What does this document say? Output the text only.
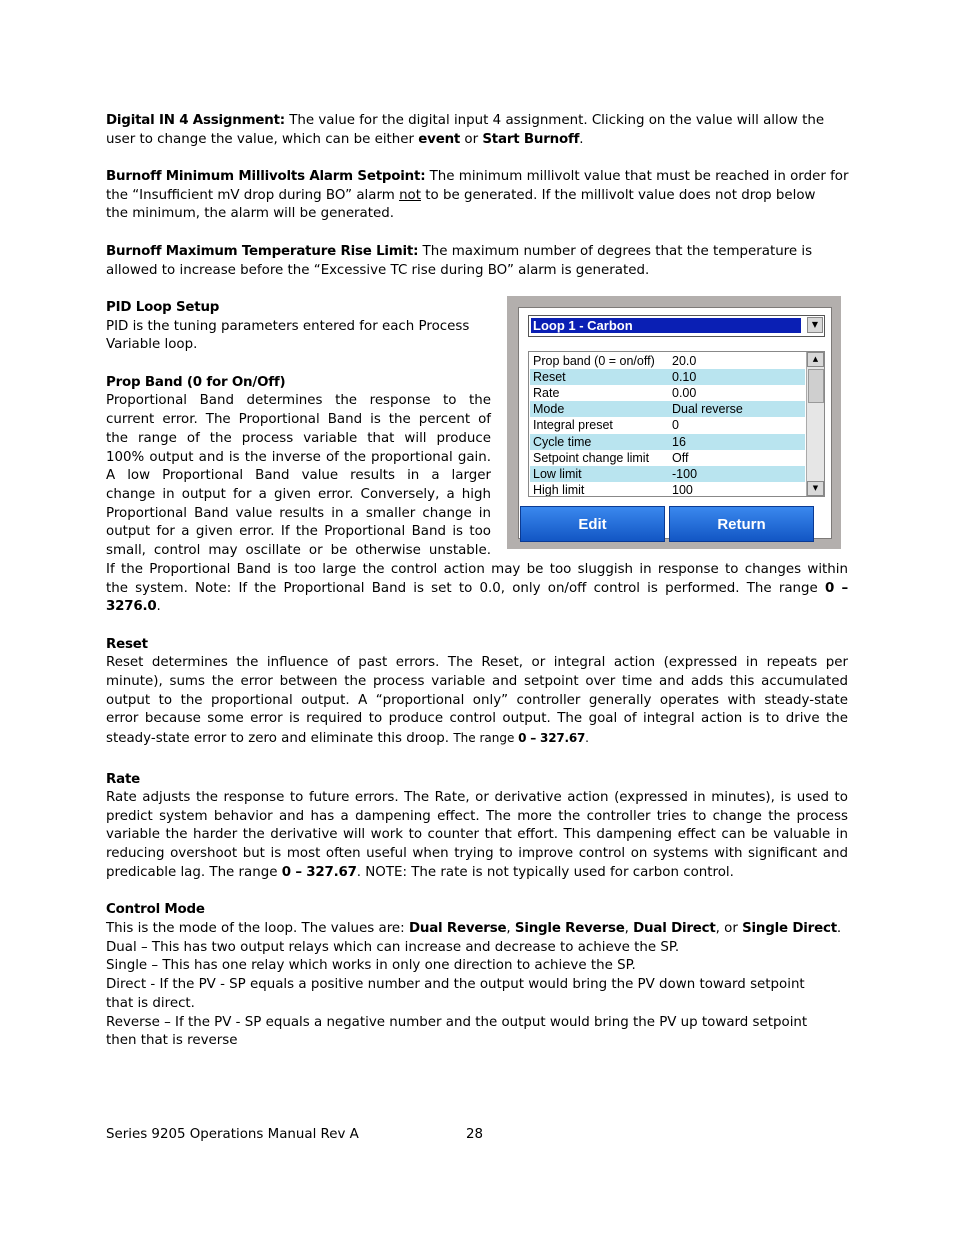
Digital IN 4 Assignment: The value for the digital input 4 assignment. Clicking on the value will allow the
user to change the value, which can be either event or Start Burnoff.
Burnoff Minimum Millivolts Alarm Setpoint: The minimum millivolt value that must be reached in order for
the “Insufficient mV drop during BO” alarm not to be generated. If the millivolt value does not drop below
the minimum, the alarm will be generated.
Burnoff Maximum Temperature Rise Limit: The maximum number of degrees that the temperature is
allowed to increase before the “Excessive TC rise during BO” alarm is generated.
PID Loop Setup
PID is the tuning parameters entered for each Process
Variable loop.
Prop Band (0 for On/Off)
Proportional Band determines the response to the
current error. The Proportional Band is the percent of
the range of the process variable that will produce
100% output and is the inverse of the proportional gain.
A low Proportional Band value results in a larger
change in output for a given error. Conversely, a high
Proportional Band value results in a smaller change in
output for a given error. If the Proportional Band is too
small, control may oscillate or be otherwise unstable.
If the Proportional Band is too large the control action may be too sluggish in response to changes within
the system. Note: If the Proportional Band is set to 0.0, only on/off control is performed. The range 0 –
3276.0.
Reset
Reset determines the influence of past errors. The Reset, or integral action (expressed in repeats per
minute), sums the error between the process variable and setpoint over time and adds this accumulated
output to the proportional output. A “proportional only” controller generally operates with steady-state
error because some error is required to produce control output. The goal of integral action is to drive the
steady-state error to zero and eliminate this droop. The range 0 – 327.67.
Rate
Rate adjusts the response to future errors. The Rate, or derivative action (expressed in minutes), is used to
predict system behavior and has a dampening effect. The more the controller tries to change the process
variable the harder the derivative will work to counter that effort. This dampening effect can be valuable in
reducing overshoot but is most often useful when trying to improve control on systems with significant and
predicable lag. The range 0 – 327.67. NOTE: The rate is not typically used for carbon control.
Control Mode
This is the mode of the loop. The values are: Dual Reverse, Single Reverse, Dual Direct, or Single Direct.
Dual – This has two output relays which can increase and decrease to achieve the SP.
Single – This has one relay which works in only one direction to achieve the SP.
Direct - If the PV - SP equals a positive number and the output would bring the PV down toward setpoint
that is direct.
Reverse – If the PV - SP equals a negative number and the output would bring the PV up toward setpoint
then that is reverse
Series 9205 Operations Manual Rev A	28
Loop 1 - Carbon	▼
Prop band (0 = on/off) 20.0
Reset	0.10
Rate	0.00
Mode	Dual reverse
Integral preset	0
Cycle time	16
Setpoint change limit Off
Low limit	-100
High limit	100
▲
▼
Edit	Return
